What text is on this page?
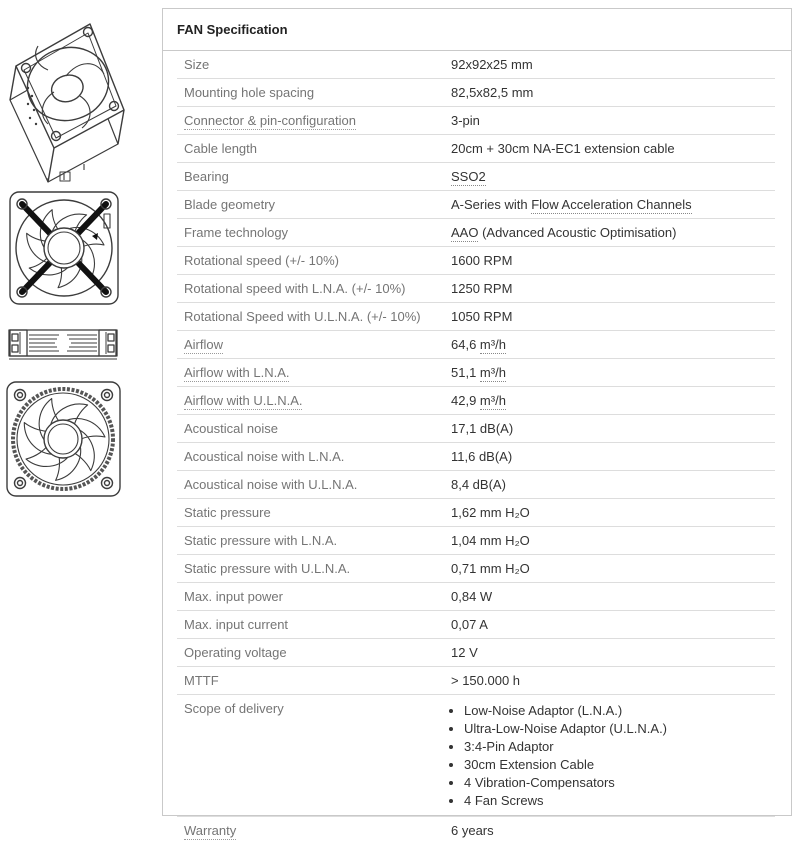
FAN Specification
Size	92x92x25 mm
Mounting hole spacing	82,5x82,5 mm
Connector & pin-configuration	3-pin
Cable length	20cm + 30cm NA-EC1 extension cable
Bearing	SSO2
Blade geometry	A-Series with Flow Acceleration Channels
Frame technology	AAO (Advanced Acoustic Optimisation)
Rotational speed (+/- 10%)	1600 RPM
Rotational speed with L.N.A. (+/- 10%)	1250 RPM
Rotational Speed with U.L.N.A. (+/- 10%)	1050 RPM
Airflow	64,6 m³/h
Airflow with L.N.A.	51,1 m³/h
Airflow with U.L.N.A.	42,9 m³/h
Acoustical noise	17,1 dB(A)
Acoustical noise with L.N.A.	11,6 dB(A)
Acoustical noise with U.L.N.A.	8,4 dB(A)
Static pressure	1,62 mm H₂O
Static pressure with L.N.A.	1,04 mm H₂O
Static pressure with U.L.N.A.	0,71 mm H₂O
Max. input power	0,84 W
Max. input current	0,07 A
Operating voltage	12 V
MTTF	> 150.000 h
Scope of delivery	• Low-Noise Adaptor (L.N.A.)
• Ultra-Low-Noise Adaptor (U.L.N.A.)
• 3:4-Pin Adaptor
• 30cm Extension Cable
• 4 Vibration-Compensators
• 4 Fan Screws
Warranty	6 years
